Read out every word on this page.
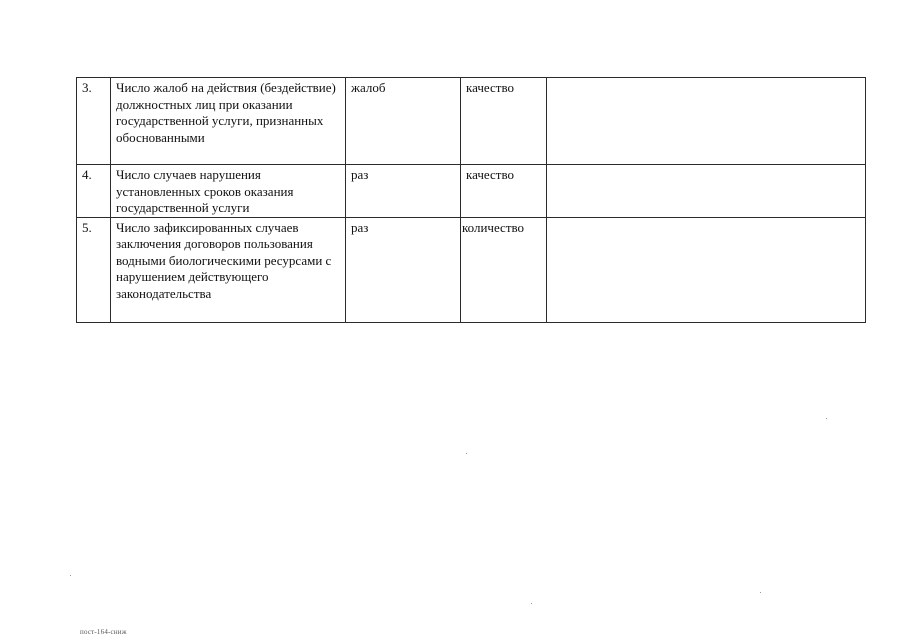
3.	Число жалоб на действия (бездействие) должностных лиц при оказании государственной услуги, признанных обоснованными	жалоб	качество	
4.	Число случаев нарушения установленных сроков оказания государственной услуги	раз	качество	
5.	Число зафиксированных случаев заключения договоров пользования водными биологическими ресурсами с нарушением действующего законодательства	раз	количество	
пост-164-сниж
